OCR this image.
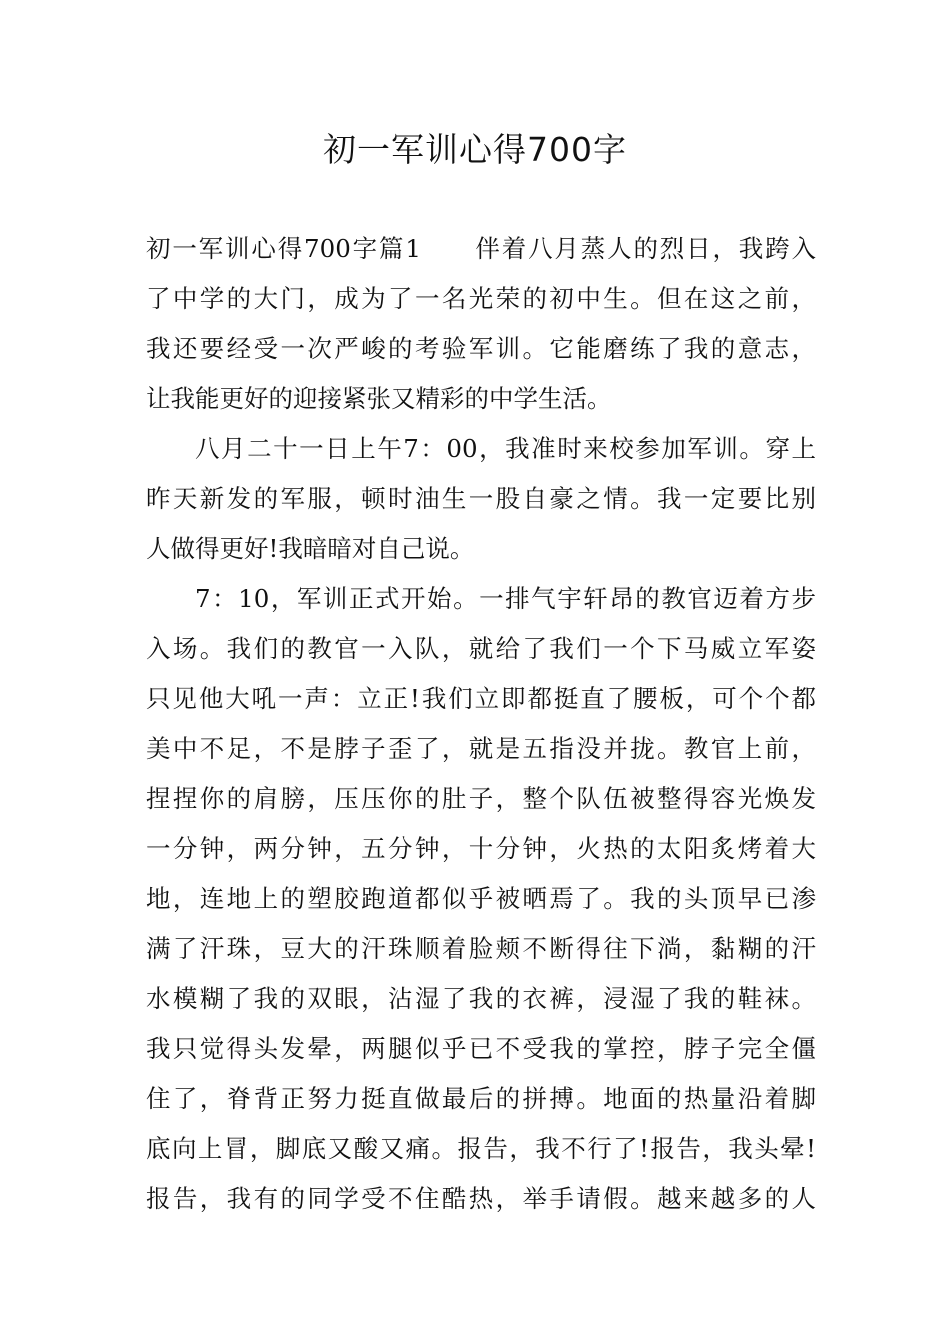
初一军训心得700字
初一军训心得700字篇1　　伴着八月蒸人的烈日，我跨入
了中学的大门，成为了一名光荣的初中生。但在这之前，
我还要经受一次严峻的考验军训。它能磨练了我的意志，
让我能更好的迎接紧张又精彩的中学生活。
八月二十一日上午7：00，我准时来校参加军训。穿上
昨天新发的军服，顿时油生一股自豪之情。我一定要比别
人做得更好!我暗暗对自己说。
7：10，军训正式开始。一排气宇轩昂的教官迈着方步
入场。我们的教官一入队，就给了我们一个下马威立军姿
只见他大吼一声：立正!我们立即都挺直了腰板，可个个都
美中不足，不是脖子歪了，就是五指没并拢。教官上前，
捏捏你的肩膀，压压你的肚子，整个队伍被整得容光焕发
一分钟，两分钟，五分钟，十分钟，火热的太阳炙烤着大
地，连地上的塑胶跑道都似乎被晒焉了。我的头顶早已渗
满了汗珠，豆大的汗珠顺着脸颊不断得往下淌，黏糊的汗
水模糊了我的双眼，沾湿了我的衣裤，浸湿了我的鞋袜。
我只觉得头发晕，两腿似乎已不受我的掌控，脖子完全僵
住了，脊背正努力挺直做最后的拼搏。地面的热量沿着脚
底向上冒，脚底又酸又痛。报告，我不行了!报告，我头晕!
报告，我有的同学受不住酷热，举手请假。越来越多的人
